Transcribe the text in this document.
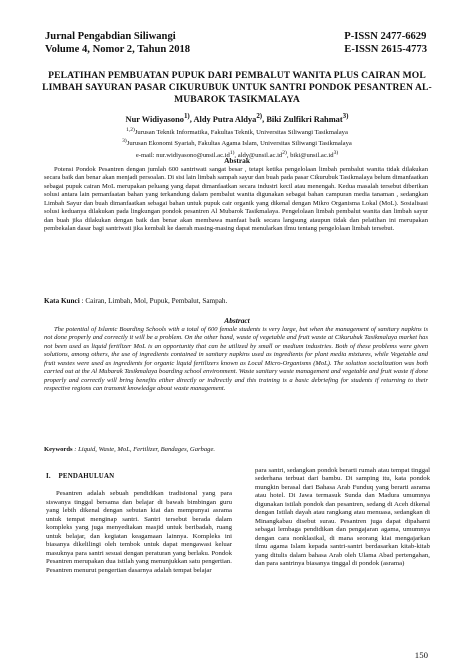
Jurnal Pengabdian Siliwangi
Volume 4, Nomor 2, Tahun 2018
P-ISSN 2477-6629
E-ISSN 2615-4773
PELATIHAN PEMBUATAN PUPUK DARI PEMBALUT WANITA PLUS CAIRAN MOL LIMBAH SAYURAN PASAR CIKURUBUK UNTUK SANTRI PONDOK PESANTREN AL-MUBAROK TASIKMALAYA
Nur Widiyasono$^{1)}$, Aldy Putra Aldya$^{2)}$, Biki Zulfikri Rahmat$^{3)}$
$^{1,2)}$Jurusan Teknik Informatika, Fakultas Teknik, Universitas Siliwangi Tasikmalaya
$^{3)}$Jurusan Ekonomi Syariah, Fakultas Agama Islam, Universitas Siliwangi Tasikmalaya
e-mail: $nur.widiyasono@unsil.ac.id^{1)}$, $aldy@unsil.ac.id^{2)}$, $biki@unsil.ac.id^{3)}$
Abstrak
Potensi Pondok Pesantren dengan jumlah 600 santriwati sangat besar , tetapi ketika pengelolaan limbah pembalut wanita tidak dilakukan secara baik dan benar akan menjadi persoalan. Di sisi lain limbah sampah sayur dan buah pada pasar Cikurubuk Tasikmalaya belum dimanfaatkan sebagai pupuk cairan MoL merupakan peluang yang dapat dimanfaatkan secara industri kecil atau menengah. Kedua masalah tersebut diberikan solusi antara lain pemanfaatan bahan yang terkandung dalam pembalut wanita digunakan sebagai bahan campuran media tanaman , sedangkan Limbah Sayur dan buah dimanfaatkan sebagai bahan untuk pupuk cair organik yang dikenal dengan Mikro Organisma Lokal (MoL). Sosialisasi solusi keduanya dilakukan pada lingkungan pondok pesantren Al Mubarok Tasikmalaya. Pengelolaan limbah pembalut wanita dan limbah sayur dan buah jika dilakukan dengan baik dan benar akan membawa manfaat baik secara langsung ataupun tidak dan pelatihan ini merupakan pembekalan dasar bagi santriwati jika kembali ke daerah masing-masing dapat menularkan ilmu tentang pengelolaan limbah tersebut.
Kata Kunci : Cairan, Limbah, Mol, Pupuk, Pembalut, Sampah.
Abstract
The potential of Islamic Boarding Schools with a total of 600 female students is very large, but when the management of sanitary napkins is not done properly and correctly it will be a problem. On the other hand, waste of vegetable and fruit waste at Cikurubuk Tasikmalaya market has not been used as liquid fertilizer MoL is an opportunity that can be utilized by small or medium industries. Both of these problems were given solutions, among others, the use of ingredients contained in sanitary napkins used as ingredients for plant media mixtures, while Vegetable and fruit wastes were used as ingredients for organic liquid fertilizers known as Local Micro-Organisms (MoL). The solution socialization was both carried out at the Al Mubarak Tasikmalaya boarding school environment. Waste sanitary waste management and vegetable and fruit waste if done properly and correctly will bring benefits either directly or indirectly and this training is a basic debriefing for students if returning to their respective regions can transmit knowledge about waste management.
Keywords : Liquid, Waste, MoL, Fertilizer, Bandages, Garbage.
I. PENDAHULUAN

Pesantren adalah sebuah pendidikan tradisional yang para siswanya tinggal bersama dan belajar di bawah bimbingan guru yang lebih dikenal dengan sebutan kiai dan mempunyai asrama untuk tempat menginap santri. Santri tersebut berada dalam kompleks yang juga menyediakan masjid untuk beribadah, ruang untuk belajar, dan kegiatan keagamaan lainnya. Kompleks ini biasanya dikelilingi oleh tembok untuk dapat mengawasi keluar masuknya para santri sesuai dengan peraturan yang berlaku. Pondok Pesantren merupakan dua istilah yang menunjukkan satu pengertian. Pesantren menurut pengertian dasarnya adalah tempat belajar

para santri, sedangkan pondok berarti rumah atau tempat tinggal sederhana terbuat dari bambu. Di samping itu, kata pondok mungkin berasal dari Bahasa Arab Funduq yang berarti asrama atau hotel. Di Jawa termasuk Sunda dan Madura umumnya digunakan istilah pondok dan pesantren, sedang di Aceh dikenal dengan Istilah dayah atau rangkang atau menuasa, sedangkan di Minangkabau disebut surau. Pesantren juga dapat dipahami sebagai lembaga pendidikan dan pengajaran agama, umumnya dengan cara nonklasikal, di mana seorang kiai mengajarkan ilmu agama Islam kepada santri-santri berdasarkan kitab-kitab yang ditulis dalam bahasa Arab oleh Ulama Abad pertengahan, dan para santrinya biasanya tinggal di pondok (asrama)

150
